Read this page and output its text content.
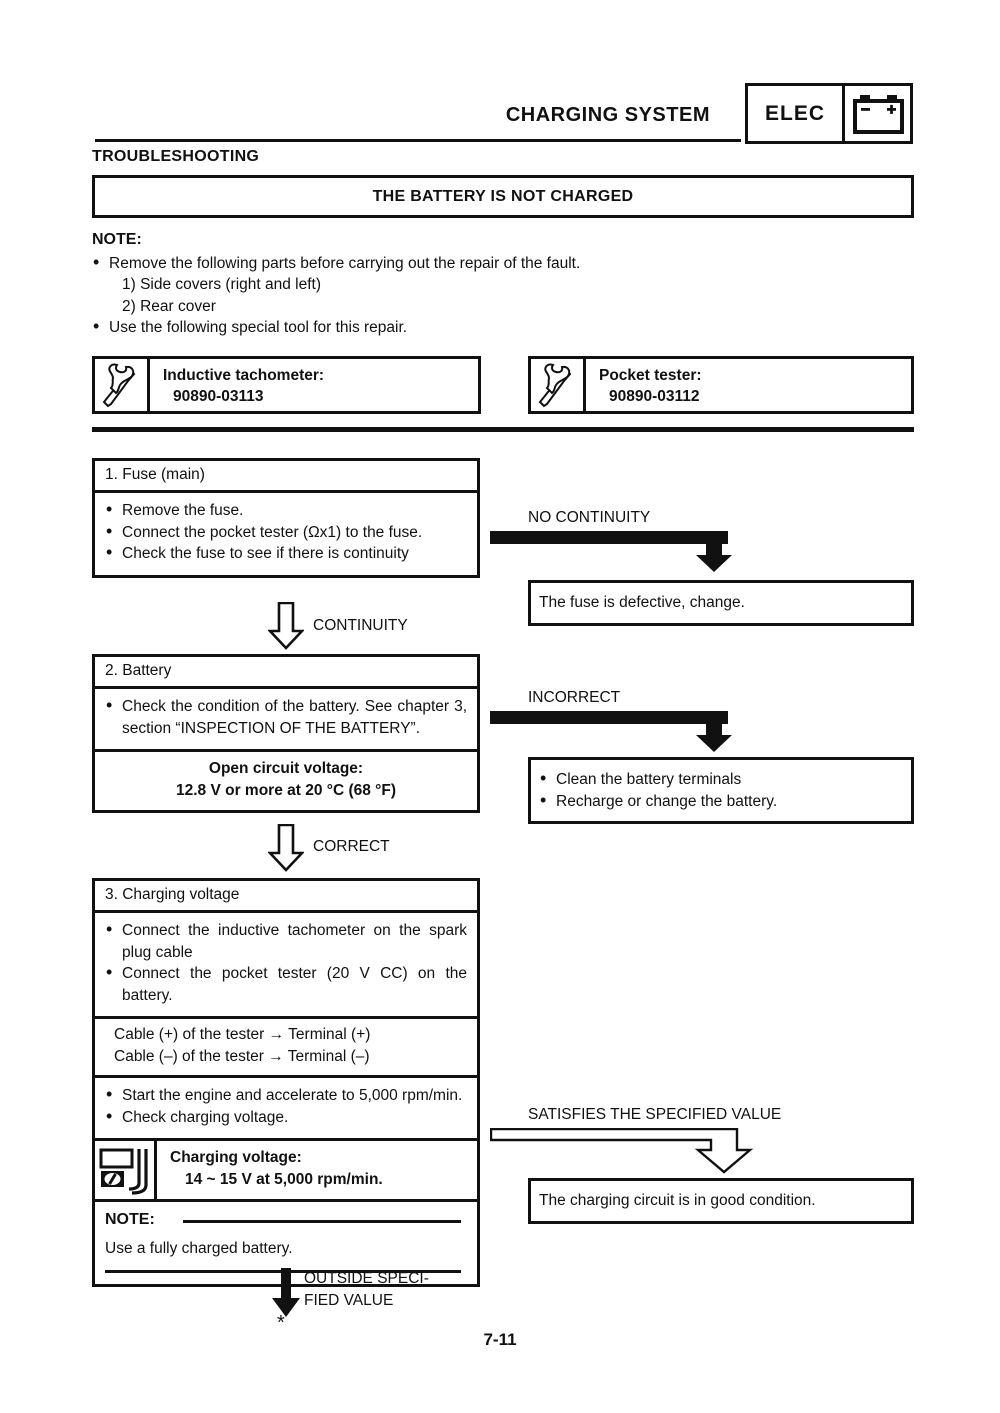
CHARGING SYSTEM	ELEC
TROUBLESHOOTING
THE BATTERY IS NOT CHARGED
NOTE:
• Remove the following parts before carrying out the repair of the fault.
1) Side covers (right and left)
2) Rear cover
• Use the following special tool for this repair.
Inductive tachometer:
90890-03113
Pocket tester:
90890-03112
1. Fuse (main)
• Remove the fuse.
• Connect the pocket tester (Ωx1) to the fuse.
• Check the fuse to see if there is continuity
CONTINUITY
NO CONTINUITY
The fuse is defective, change.
2. Battery
• Check the condition of the battery. See chapter 3, section “INSPECTION OF THE BATTERY”.
Open circuit voltage:
12.8 V or more at 20 °C (68 °F)
CORRECT
INCORRECT
• Clean the battery terminals
• Recharge or change the battery.
3. Charging voltage
• Connect the inductive tachometer on the spark plug cable
• Connect the pocket tester (20 V CC) on the battery.
Cable (+) of the tester → Terminal (+)
Cable (–) of the tester → Terminal (–)
• Start the engine and accelerate to 5,000 rpm/min.
• Check charging voltage.
Charging voltage:
14 ~ 15 V at 5,000 rpm/min.
NOTE:
Use a fully charged battery.
SATISFIES THE SPECIFIED VALUE
The charging circuit is in good condition.
OUTSIDE SPECI-
FIED VALUE
*
7-11
